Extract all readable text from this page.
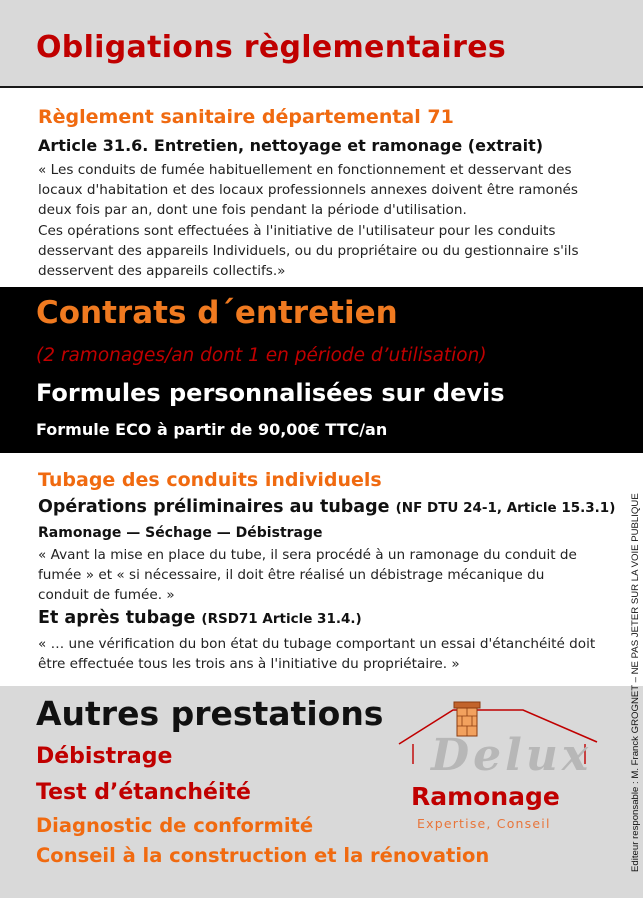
Obligations règlementaires
Règlement sanitaire départemental 71
Article 31.6. Entretien, nettoyage et ramonage (extrait)

« Les conduits de fumée habituellement en fonctionnement et desservant des locaux d'habitation et des locaux professionnels annexes doivent être ramonés deux fois par an, dont une fois pendant la période d'utilisation.
Ces opérations sont effectuées à l'initiative de l'utilisateur pour les conduits desservant des appareils Individuels, ou du propriétaire ou du gestionnaire s'ils desservent des appareils collectifs.»

Contrats d´entretien
(2 ramonages/an dont 1 en période d’utilisation)
Formules personnalisées sur devis
Formule ECO à partir de 90,00€ TTC/an
Tubage des conduits individuels
Opérations préliminaires au tubage (NF DTU 24-1, Article 15.3.1)
Ramonage — Séchage — Débistrage

« Avant la mise en place du tube, il sera procédé à un ramonage du conduit de fumée » et « si nécessaire, il doit être réalisé un débistrage mécanique du conduit de fumée. »

Et après tubage (RSD71 Article 31.4.)

« … une vérification du bon état du tubage comportant un essai d'étanchéité doit être effectuée tous les trois ans à l'initiative du propriétaire. »

Autres prestations

Débistrage

Test d’étanchéité

Diagnostic de conformité

Conseil à la construction et la rénovation

Delux
Ramonage
Expertise, Conseil	Editeur responsable : M. Franck GROGNET – NE PAS JETER SUR LA VOIE PUBLIQUE
